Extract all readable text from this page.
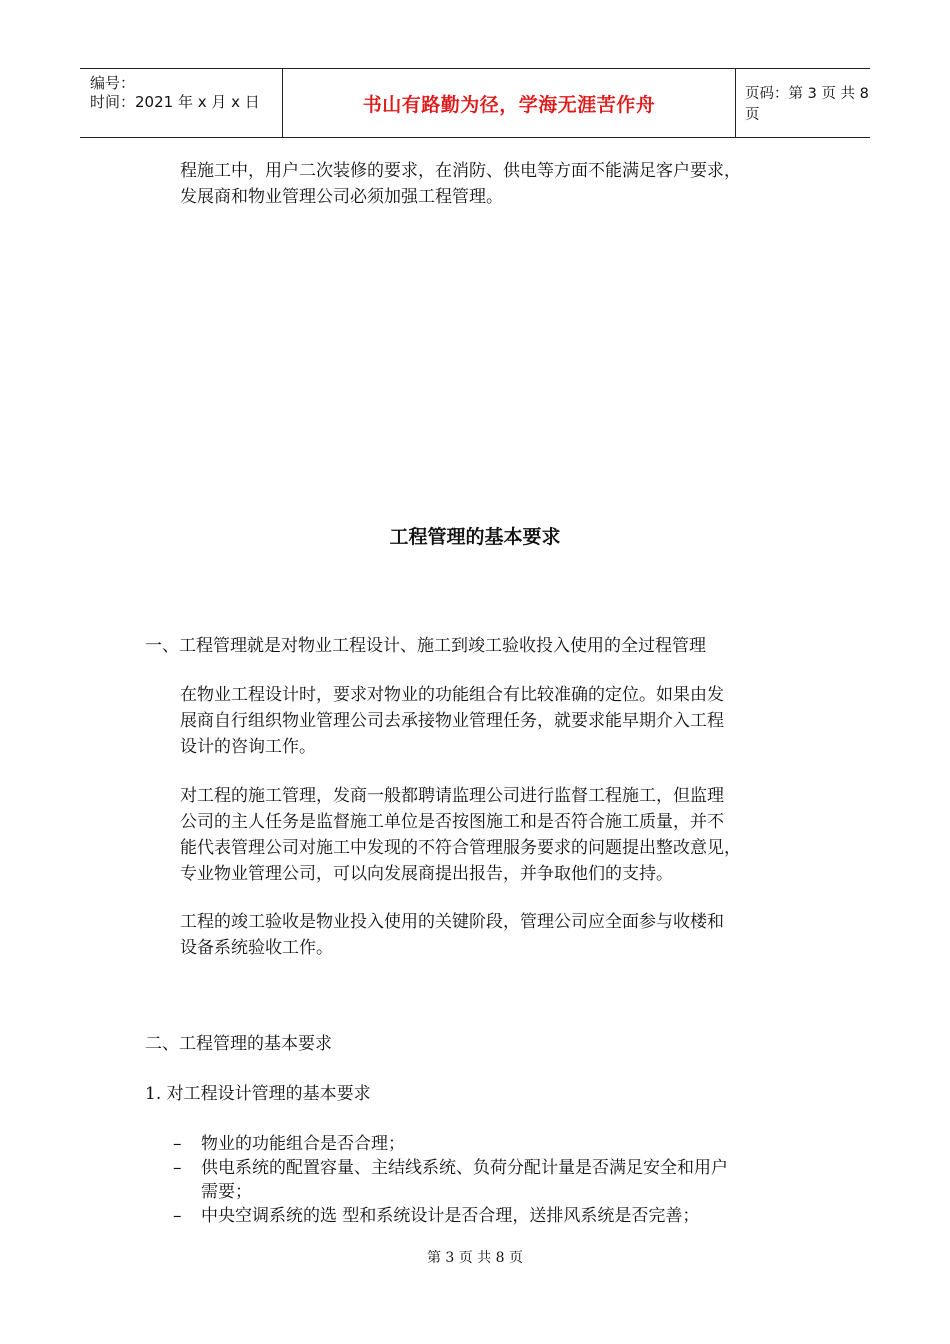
编号：
时间：2021 年 x 月 x 日	书山有路勤为径，学海无涯苦作舟	页码：第 3 页 共 8 页
程施工中，用户二次装修的要求，在消防、供电等方面不能满足客户要求，
发展商和物业管理公司必须加强工程管理。
工程管理的基本要求
一、工程管理就是对物业工程设计、施工到竣工验收投入使用的全过程管理
在物业工程设计时，要求对物业的功能组合有比较准确的定位。如果由发
展商自行组织物业管理公司去承接物业管理任务，就要求能早期介入工程
设计的咨询工作。
对工程的施工管理，发商一般都聘请监理公司进行监督工程施工，但监理
公司的主人任务是监督施工单位是否按图施工和是否符合施工质量，并不
能代表管理公司对施工中发现的不符合管理服务要求的问题提出整改意见，
专业物业管理公司，可以向发展商提出报告，并争取他们的支持。
工程的竣工验收是物业投入使用的关键阶段，管理公司应全面参与收楼和
设备系统验收工作。
二、工程管理的基本要求
1. 对工程设计管理的基本要求
– 物业的功能组合是否合理；
– 供电系统的配置容量、主结线系统、负荷分配计量是否满足安全和用户
需要；
– 中央空调系统的选 型和系统设计是否合理，送排风系统是否完善；
第 3 页 共 8 页
